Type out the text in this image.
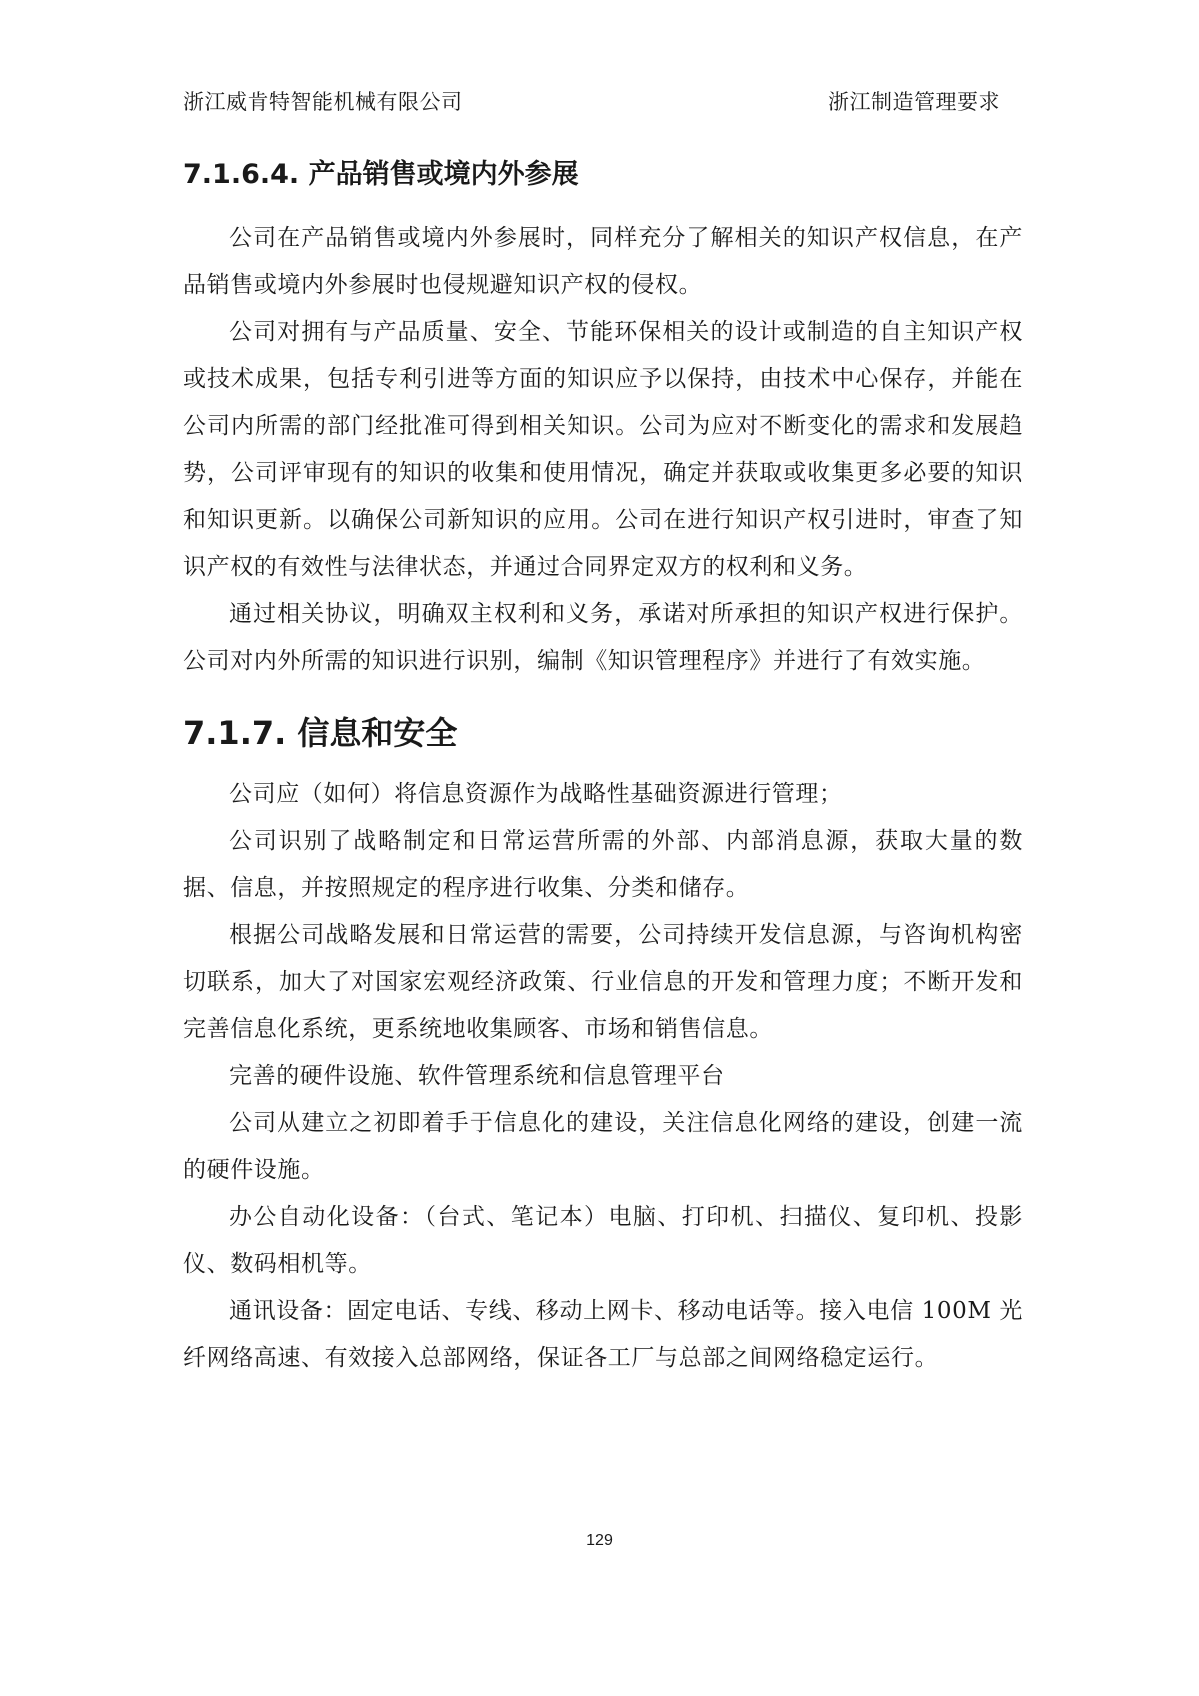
浙江威肯特智能机械有限公司	浙江制造管理要求
7.1.6.4. 产品销售或境内外参展

公司在产品销售或境内外参展时，同样充分了解相关的知识产权信息，在产品销售或境内外参展时也侵规避知识产权的侵权。

公司对拥有与产品质量、安全、节能环保相关的设计或制造的自主知识产权或技术成果，包括专利引进等方面的知识应予以保持，由技术中心保存，并能在公司内所需的部门经批准可得到相关知识。公司为应对不断变化的需求和发展趋势，公司评审现有的知识的收集和使用情况，确定并获取或收集更多必要的知识和知识更新。以确保公司新知识的应用。公司在进行知识产权引进时，审查了知识产权的有效性与法律状态，并通过合同界定双方的权利和义务。

通过相关协议，明确双主权利和义务，承诺对所承担的知识产权进行保护。公司对内外所需的知识进行识别，编制《知识管理程序》并进行了有效实施。

7.1.7. 信息和安全

公司应（如何）将信息资源作为战略性基础资源进行管理；

公司识别了战略制定和日常运营所需的外部、内部消息源，获取大量的数据、信息，并按照规定的程序进行收集、分类和储存。

根据公司战略发展和日常运营的需要，公司持续开发信息源，与咨询机构密切联系，加大了对国家宏观经济政策、行业信息的开发和管理力度；不断开发和完善信息化系统，更系统地收集顾客、市场和销售信息。

完善的硬件设施、软件管理系统和信息管理平台

公司从建立之初即着手于信息化的建设，关注信息化网络的建设，创建一流的硬件设施。

办公自动化设备：（台式、笔记本）电脑、打印机、扫描仪、复印机、投影仪、数码相机等。

通讯设备：固定电话、专线、移动上网卡、移动电话等。接入电信 100M 光纤网络高速、有效接入总部网络，保证各工厂与总部之间网络稳定运行。

129
